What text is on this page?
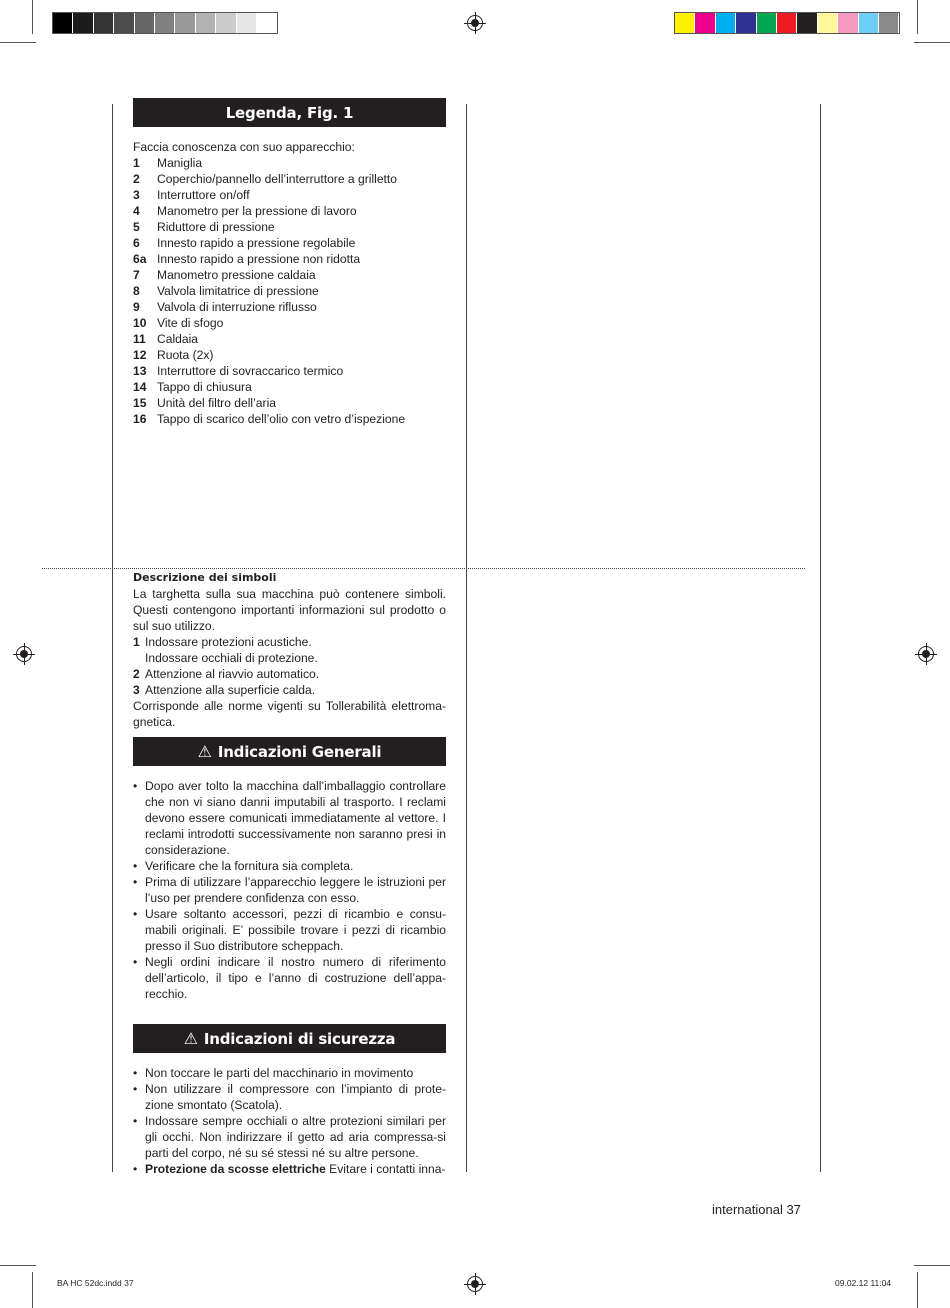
Legenda, Fig. 1
Faccia conoscenza con suo apparecchio:
1	Maniglia
2	Coperchio/pannello dell’interruttore a grilletto
3	Interruttore on/off
4	Manometro per la pressione di lavoro
5	Riduttore di pressione
6	Innesto rapido a pressione regolabile
6a Innesto rapido a pressione non ridotta
7	Manometro pressione caldaia
8	Valvola limitatrice di pressione
9	Valvola di interruzione riflusso
10 Vite di sfogo
11 Caldaia
12 Ruota (2x)
13 Interruttore di sovraccarico termico
14 Tappo di chiusura
15 Unità del filtro dell’aria
16 Tappo di scarico dell’olio con vetro d’ispezione
Descrizione dei simboli
La targhetta sulla sua macchina può contenere simboli. Questi contengono importanti informazioni sul prodotto o sul suo utilizzo.
1 Indossare protezioni acustiche.
Indossare occhiali di protezione.
2 Attenzione al riavvio automatico.
3 Attenzione alla superficie calda.
Corrisponde alle norme vigenti su Tollerabilità elettroma-gnetica.
⚠ Indicazioni Generali
• Dopo aver tolto la macchina dall’imballaggio controllare che non vi siano danni imputabili al trasporto. I reclami devono essere comunicati immediatamente al vettore. I reclami introdotti successivamente non saranno presi in considerazione.
• Verificare che la fornitura sia completa.
• Prima di utilizzare l’apparecchio leggere le istruzioni per l’uso per prendere confidenza con esso.
• Usare soltanto accessori, pezzi di ricambio e consu-mabili originali. E’ possibile trovare i pezzi di ricambio presso il Suo distributore scheppach.
• Negli ordini indicare il nostro numero di riferimento dell’articolo, il tipo e l’anno di costruzione dell’appa-recchio.
⚠ Indicazioni di sicurezza
• Non toccare le parti del macchinario in movimento
• Non utilizzare il compressore con l’impianto di prote-zione smontato (Scatola).
• Indossare sempre occhiali o altre protezioni similari per gli occhi. Non indirizzare il getto ad aria compressa-si parti del corpo, né su sé stessi né su altre persone.
• Protezione da scosse elettriche Evitare i contatti inna-
international 37
BA HC 52dc.indd 37	09.02.12 11:04
